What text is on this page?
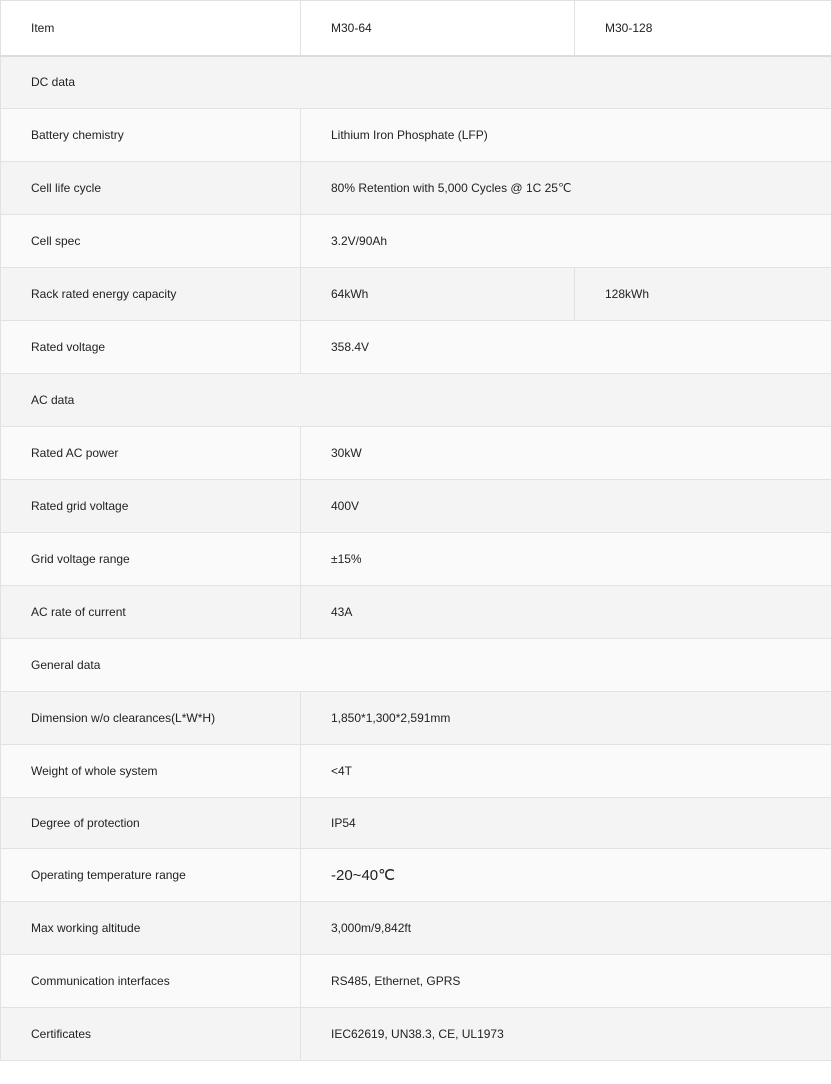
Item	M30-64	M30-128
DC data		
Battery chemistry	Lithium Iron Phosphate (LFP)	
Cell life cycle	80% Retention with 5,000 Cycles @ 1C 25℃	
Cell spec	3.2V/90Ah	
Rack rated energy capacity	64kWh	128kWh
Rated voltage	358.4V	
AC data		
Rated AC power	30kW	
Rated grid voltage	400V	
Grid voltage range	±15%	
AC rate of current	43A	
General data		
Dimension w/o clearances(L*W*H)	1,850*1,300*2,591mm	
Weight of whole system	<4T	
Degree of protection	IP54	
Operating temperature range	-20~40℃	
Max working altitude	3,000m/9,842ft	
Communication interfaces	RS485, Ethernet, GPRS	
Certificates	IEC62619, UN38.3, CE, UL1973	
